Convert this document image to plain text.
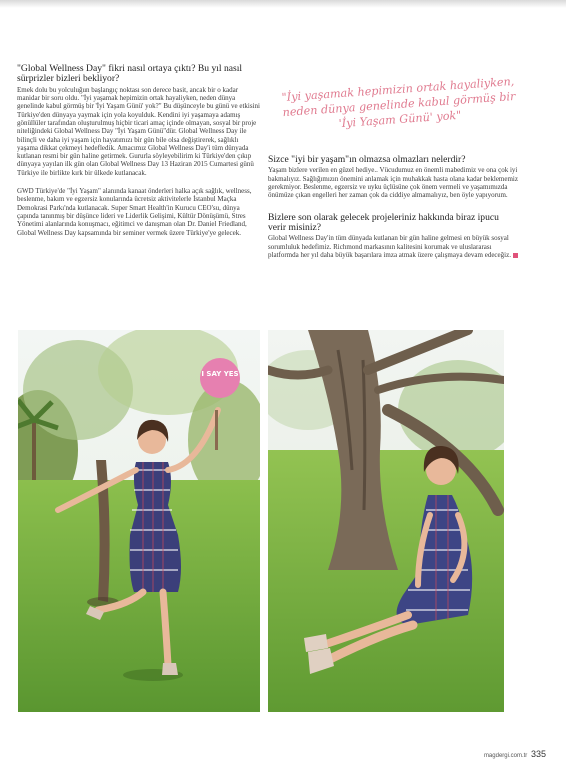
"Global Wellness Day" fikri nasıl ortaya çıktı? Bu yıl nasıl sürprizler bizleri bekliyor?

Emek dolu bu yolculuğun başlangıç noktası son derece basit, ancak bir o kadar manidar bir soru oldu. "İyi yaşamak hepimizin ortak hayaliyken, neden dünya genelinde kabul görmüş bir 'İyi Yaşam Günü' yok?" Bu düşünceyle bu günü ve etkisini Türkiye'den dünyaya yaymak için yola koyulduk. Kendini iyi yaşamaya adamış gönüllüler tarafından oluşturulmuş hiçbir ticari amaç içinde olmayan, sosyal bir proje niteliğindeki Global Wellness Day "İyi Yaşam Günü"dür. Global Wellness Day ile bilinçli ve daha iyi yaşam için hayatımızı bir gün bile olsa değiştirerek, sağlıklı yaşama dikkat çekmeyi hedefledik. Amacımız Global Wellness Day'i tüm dünyada kutlanan resmi bir gün haline getirmek. Gururla söyleyebilirim ki Türkiye'den çıkıp dünyaya yayılan ilk gün olan Global Wellness Day 13 Haziran 2015 Cumartesi günü Türkiye ile birlikte kırk bir ülkede kutlanacak.

GWD Türkiye'de "İyi Yaşam" alanında kanaat önderleri halka açık sağlık, wellness, beslenme, bakım ve egzersiz konularında ücretsiz aktivitelerle İstanbul Maçka Demokrasi Parkı'nda kutlanacak. Super Smart Health'in Kurucu CEO'su, dünya çapında tanınmış bir düşünce lideri ve Liderlik Gelişimi, Kültür Dönüşümü, Stres Yönetimi alanlarında konuşmacı, eğitimci ve danışman olan Dr. Daniel Friedland, Global Wellness Day kapsamında bir seminer vermek üzere Türkiye'ye gelecek.

"İyi yaşamak hepimizin ortak hayaliyken, neden dünya genelinde kabul görmüş bir 'İyi Yaşam Günü' yok"
Sizce "iyi bir yaşam"ın olmazsa olmazları nelerdir?

Yaşam bizlere verilen en güzel hediye.. Vücudumuz en önemli mabedimiz ve ona çok iyi bakmalıyız. Sağlığımızın önemini anlamak için muhakkak hasta olana kadar beklememiz gerekmiyor. Beslenme, egzersiz ve uyku üçlüsüne çok önem vermeli ve yaşamımızda önümüze çıkan engelleri her zaman çok da ciddiye almamalıyız, ben öyle yapıyorum.

Bizlere son olarak gelecek projeleriniz hakkında biraz ipucu verir misiniz?

Global Wellness Day'in tüm dünyada kutlanan bir gün haline gelmesi en büyük sosyal sorumluluk hedefimiz. Richmond markasının kalitesini korumak ve uluslararası platformda her yıl daha büyük başarılara imza atmak üzere çalışmaya devam edeceğiz.

I SAY YES
magdergi.com.tr 335
